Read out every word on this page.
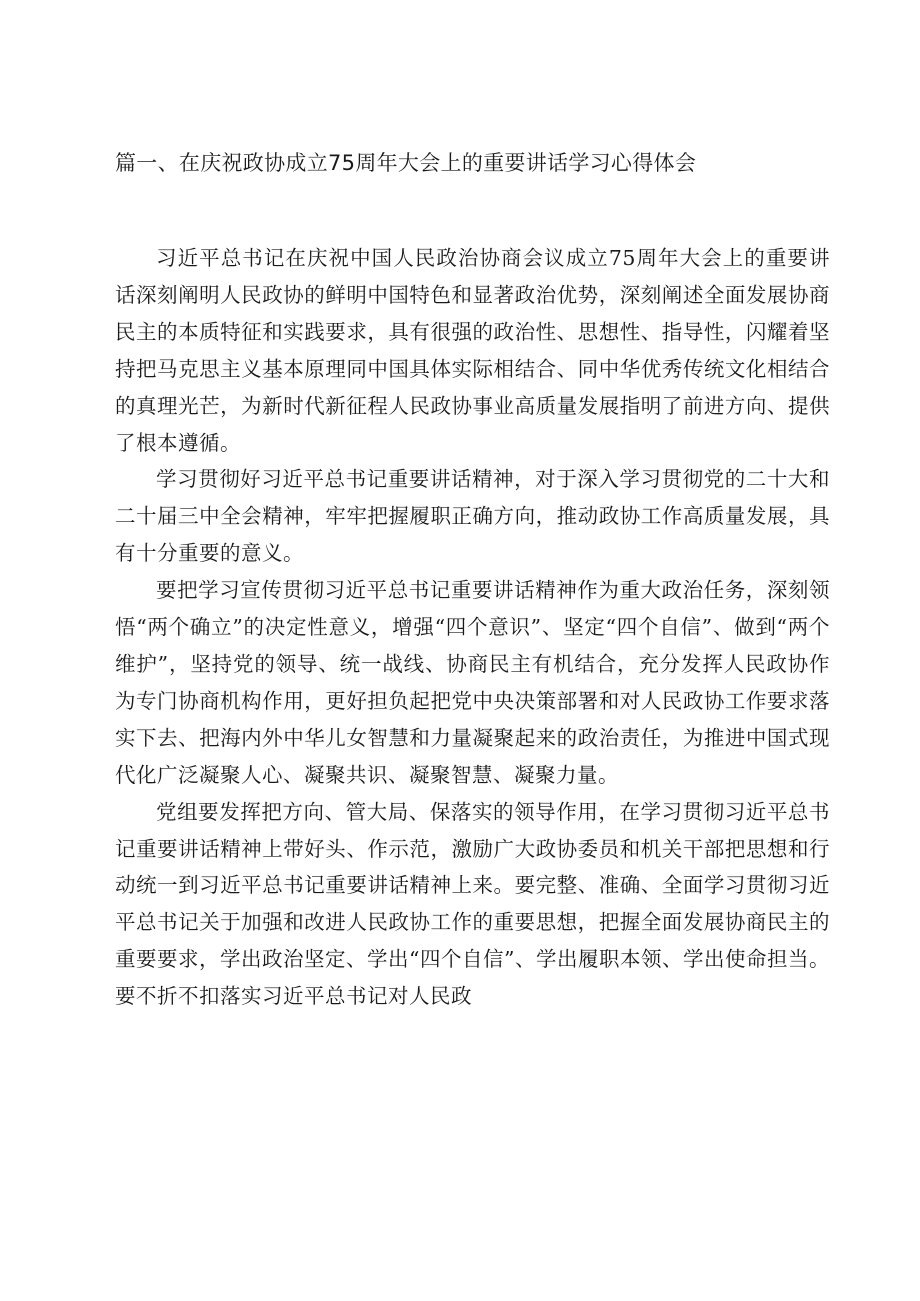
篇一、在庆祝政协成立75周年大会上的重要讲话学习心得体会

习近平总书记在庆祝中国人民政治协商会议成立75周年大会上的重要讲话深刻阐明人民政协的鲜明中国特色和显著政治优势，深刻阐述全面发展协商民主的本质特征和实践要求，具有很强的政治性、思想性、指导性，闪耀着坚持把马克思主义基本原理同中国具体实际相结合、同中华优秀传统文化相结合的真理光芒，为新时代新征程人民政协事业高质量发展指明了前进方向、提供了根本遵循。

学习贯彻好习近平总书记重要讲话精神，对于深入学习贯彻党的二十大和二十届三中全会精神，牢牢把握履职正确方向，推动政协工作高质量发展，具有十分重要的意义。

要把学习宣传贯彻习近平总书记重要讲话精神作为重大政治任务，深刻领悟“两个确立”的决定性意义，增强“四个意识”、坚定“四个自信”、做到“两个维护”，坚持党的领导、统一战线、协商民主有机结合，充分发挥人民政协作为专门协商机构作用，更好担负起把党中央决策部署和对人民政协工作要求落实下去、把海内外中华儿女智慧和力量凝聚起来的政治责任，为推进中国式现代化广泛凝聚人心、凝聚共识、凝聚智慧、凝聚力量。

党组要发挥把方向、管大局、保落实的领导作用，在学习贯彻习近平总书记重要讲话精神上带好头、作示范，激励广大政协委员和机关干部把思想和行动统一到习近平总书记重要讲话精神上来。要完整、准确、全面学习贯彻习近平总书记关于加强和改进人民政协工作的重要思想，把握全面发展协商民主的重要要求，学出政治坚定、学出“四个自信”、学出履职本领、学出使命担当。要不折不扣落实习近平总书记对人民政
